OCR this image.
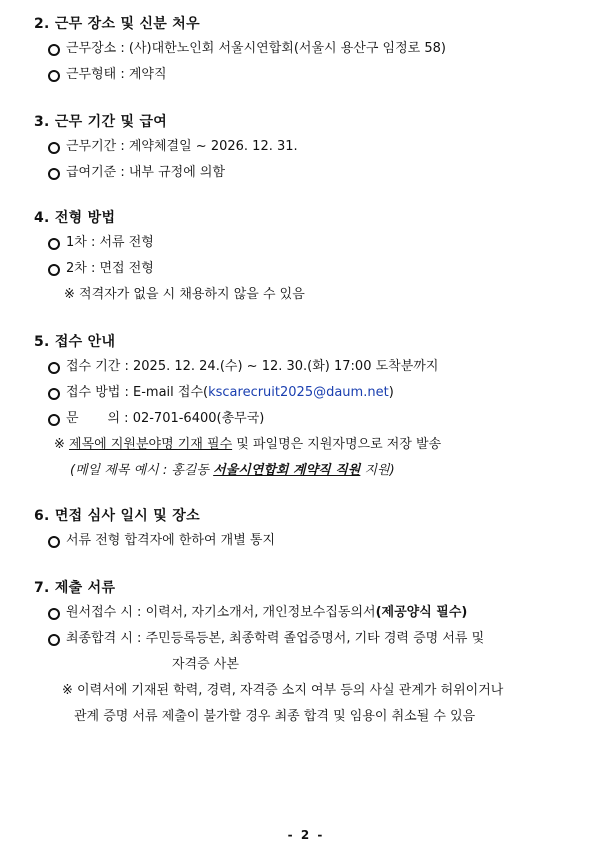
2. 근무 장소 및 신분 처우
근무장소 : (사)대한노인회 서울시연합회(서울시 용산구 임정로 58)
근무형태 : 계약직
3. 근무 기간 및 급여
근무기간 : 계약체결일 ~ 2026. 12. 31.
급여기준 : 내부 규정에 의함
4. 전형 방법
1차 : 서류 전형
2차 : 면접 전형
※ 적격자가 없을 시 채용하지 않을 수 있음
5. 접수 안내
접수 기간 : 2025. 12. 24.(수) ~ 12. 30.(화) 17:00 도착분까지
접수 방법 : E-mail 접수(kscarecruit2025@daum.net)
문       의 : 02-701-6400(총무국)
※ 제목에 지원분야명 기재 필수 및 파일명은 지원자명으로 저장 발송
(메일 제목 예시 : 홍길동 서울시연합회 계약직 직원 지원)
6. 면접 심사 일시 및 장소
서류 전형 합격자에 한하여 개별 통지
7. 제출 서류
원서접수 시 : 이력서, 자기소개서, 개인정보수집동의서(제공양식 필수)
최종합격 시 : 주민등록등본, 최종학력 졸업증명서, 기타 경력 증명 서류 및
자격증 사본
※ 이력서에 기재된 학력, 경력, 자격증 소지 여부 등의 사실 관계가 허위이거나
관계 증명 서류 제출이 불가할 경우 최종 합격 및 임용이 취소될 수 있음
- 2 -
